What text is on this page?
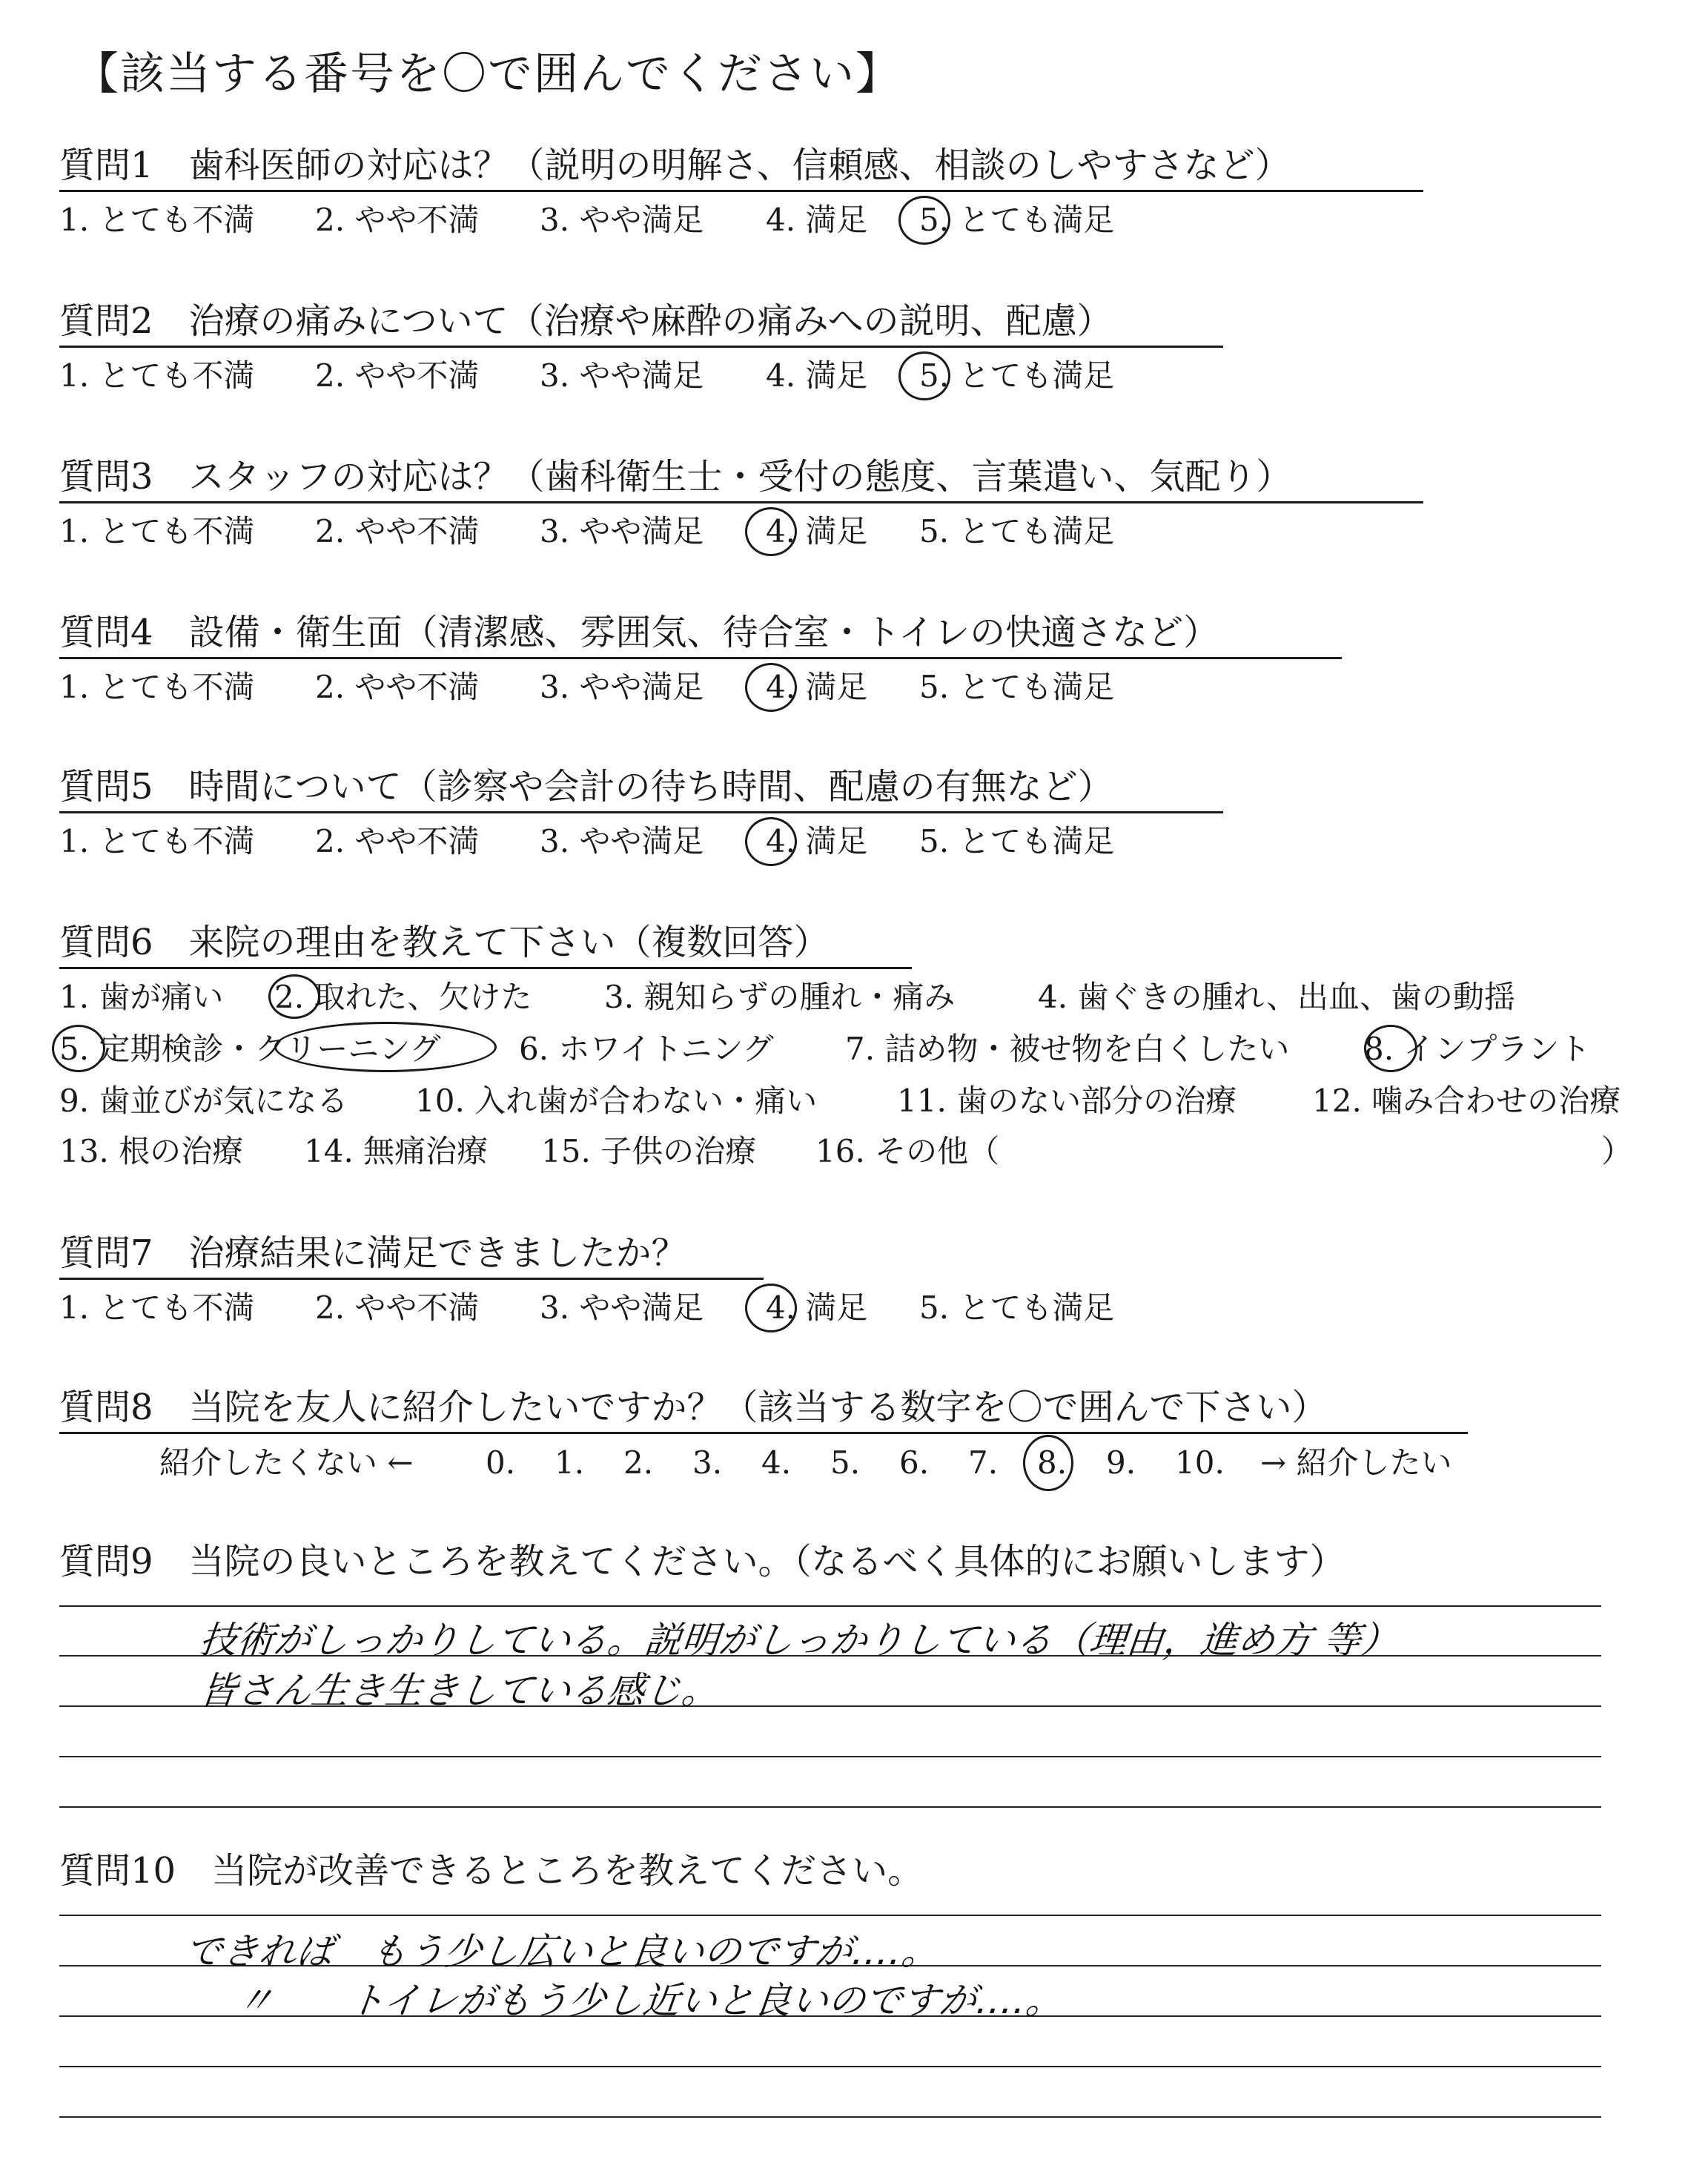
【該当する番号を〇で囲んでください】
質問1　歯科医師の対応は？（説明の明解さ、信頼感、相談のしやすさなど）
1. とても不満 2. やや不満 3. やや満足 4. 満足 5. とても満足
質問2　治療の痛みについて（治療や麻酔の痛みへの説明、配慮）
1. とても不満 2. やや不満 3. やや満足 4. 満足 5. とても満足
質問3　スタッフの対応は？（歯科衛生士・受付の態度、言葉遣い、気配り）
1. とても不満 2. やや不満 3. やや満足 4. 満足 5. とても満足
質問4　設備・衛生面（清潔感、雰囲気、待合室・トイレの快適さなど）
1. とても不満 2. やや不満 3. やや満足 4. 満足 5. とても満足
質問5　時間について（診察や会計の待ち時間、配慮の有無など）
1. とても不満 2. やや不満 3. やや満足 4. 満足 5. とても満足
質問6　来院の理由を教えて下さい（複数回答）
1. 歯が痛い 2. 取れた、欠けた 3. 親知らずの腫れ・痛み	4. 歯ぐきの腫れ、出血、歯の動揺
5. 定期検診・クリーニング	6. ホワイトニング 7. 詰め物・被せ物を白くしたい 8. インプラント
9. 歯並びが気になる 10. 入れ歯が合わない・痛い	11. 歯のない部分の治療 12. 噛み合わせの治療
13. 根の治療 14. 無痛治療 15. 子供の治療 16. その他（	）
質問7　治療結果に満足できましたか？
1. とても不満 2. やや不満 3. やや満足 4. 満足 5. とても満足
質問8　当院を友人に紹介したいですか？（該当する数字を〇で囲んで下さい）
紹介したくない ← 0. 1. 2. 3. 4. 5. 6. 7. 8. 9. 10. → 紹介したい
質問9　当院の良いところを教えてください。（なるべく具体的にお願いします）
技術がしっかりしている。説明がしっかりしている（理由，進め方 等）
皆さん生き生きしている感じ。
質問10　当院が改善できるところを教えてください。
できれば　もう少し広いと良いのですが‥‥。
〃　　トイレがもう少し近いと良いのですが‥‥。
